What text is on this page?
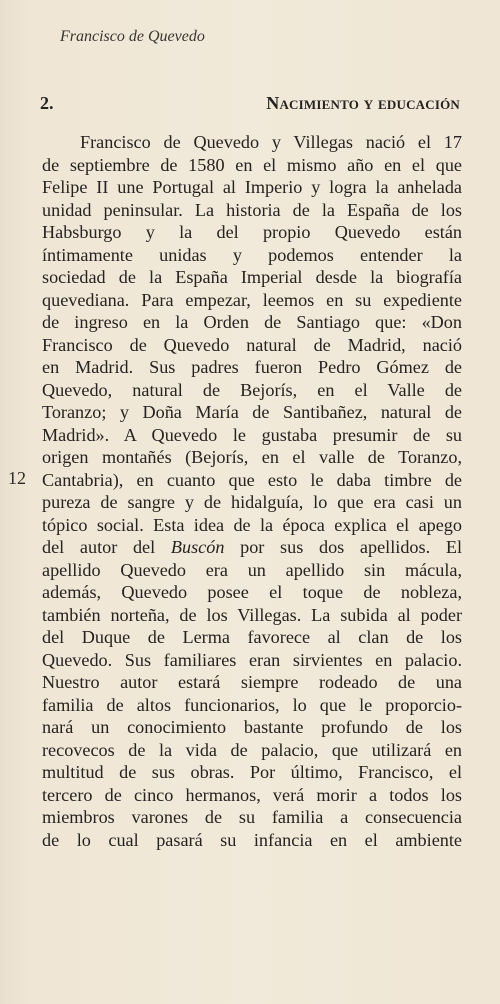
Francisco de Quevedo
2.	Nacimiento y educación
12
Francisco de Quevedo y Villegas nació el 17
de septiembre de 1580 en el mismo año en el que
Felipe II une Portugal al Imperio y logra la anhelada
unidad peninsular. La historia de la España de los
Habsburgo y la del propio Quevedo están
íntimamente unidas y podemos entender la
sociedad de la España Imperial desde la biografía
quevediana. Para empezar, leemos en su expediente
de ingreso en la Orden de Santiago que: «Don
Francisco de Quevedo natural de Madrid, nació
en Madrid. Sus padres fueron Pedro Gómez de
Quevedo, natural de Bejorís, en el Valle de
Toranzo; y Doña María de Santibañez, natural de
Madrid». A Quevedo le gustaba presumir de su
origen montañés (Bejorís, en el valle de Toranzo,
Cantabria), en cuanto que esto le daba timbre de
pureza de sangre y de hidalguía, lo que era casi un
tópico social. Esta idea de la época explica el apego
del autor del Buscón por sus dos apellidos. El
apellido Quevedo era un apellido sin mácula,
además, Quevedo posee el toque de nobleza,
también norteña, de los Villegas. La subida al poder
del Duque de Lerma favorece al clan de los
Quevedo. Sus familiares eran sirvientes en palacio.
Nuestro autor estará siempre rodeado de una
familia de altos funcionarios, lo que le proporcio-
nará un conocimiento bastante profundo de los
recovecos de la vida de palacio, que utilizará en
multitud de sus obras. Por último, Francisco, el
tercero de cinco hermanos, verá morir a todos los
miembros varones de su familia a consecuencia
de lo cual pasará su infancia en el ambiente
